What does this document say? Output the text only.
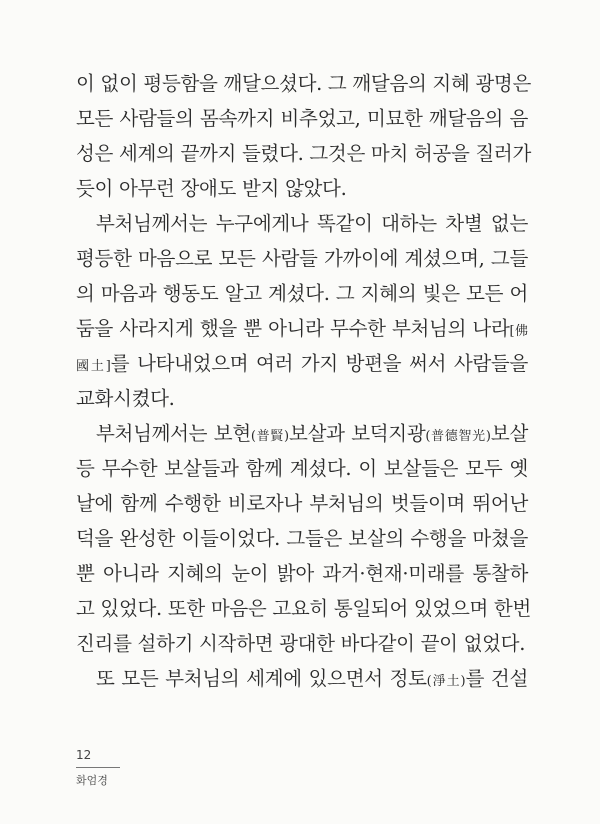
이 없이 평등함을 깨달으셨다. 그 깨달음의 지혜 광명은
모든 사람들의 몸속까지 비추었고, 미묘한 깨달음의 음
성은 세계의 끝까지 들렸다. 그것은 마치 허공을 질러가
듯이 아무런 장애도 받지 않았다.
부처님께서는 누구에게나 똑같이 대하는 차별 없는
평등한 마음으로 모든 사람들 가까이에 계셨으며, 그들
의 마음과 행동도 알고 계셨다. 그 지혜의 빛은 모든 어
둠을 사라지게 했을 뿐 아니라 무수한 부처님의 나라[佛
國土]를 나타내었으며 여러 가지 방편을 써서 사람들을
교화시켰다.
부처님께서는 보현(普賢)보살과 보덕지광(普德智光)보살
등 무수한 보살들과 함께 계셨다. 이 보살들은 모두 옛
날에 함께 수행한 비로자나 부처님의 벗들이며 뛰어난
덕을 완성한 이들이었다. 그들은 보살의 수행을 마쳤을
뿐 아니라 지혜의 눈이 밝아 과거·현재·미래를 통찰하
고 있었다. 또한 마음은 고요히 통일되어 있었으며 한번
진리를 설하기 시작하면 광대한 바다같이 끝이 없었다.
또 모든 부처님의 세계에 있으면서 정토(淨土)를 건설
12
화엄경
